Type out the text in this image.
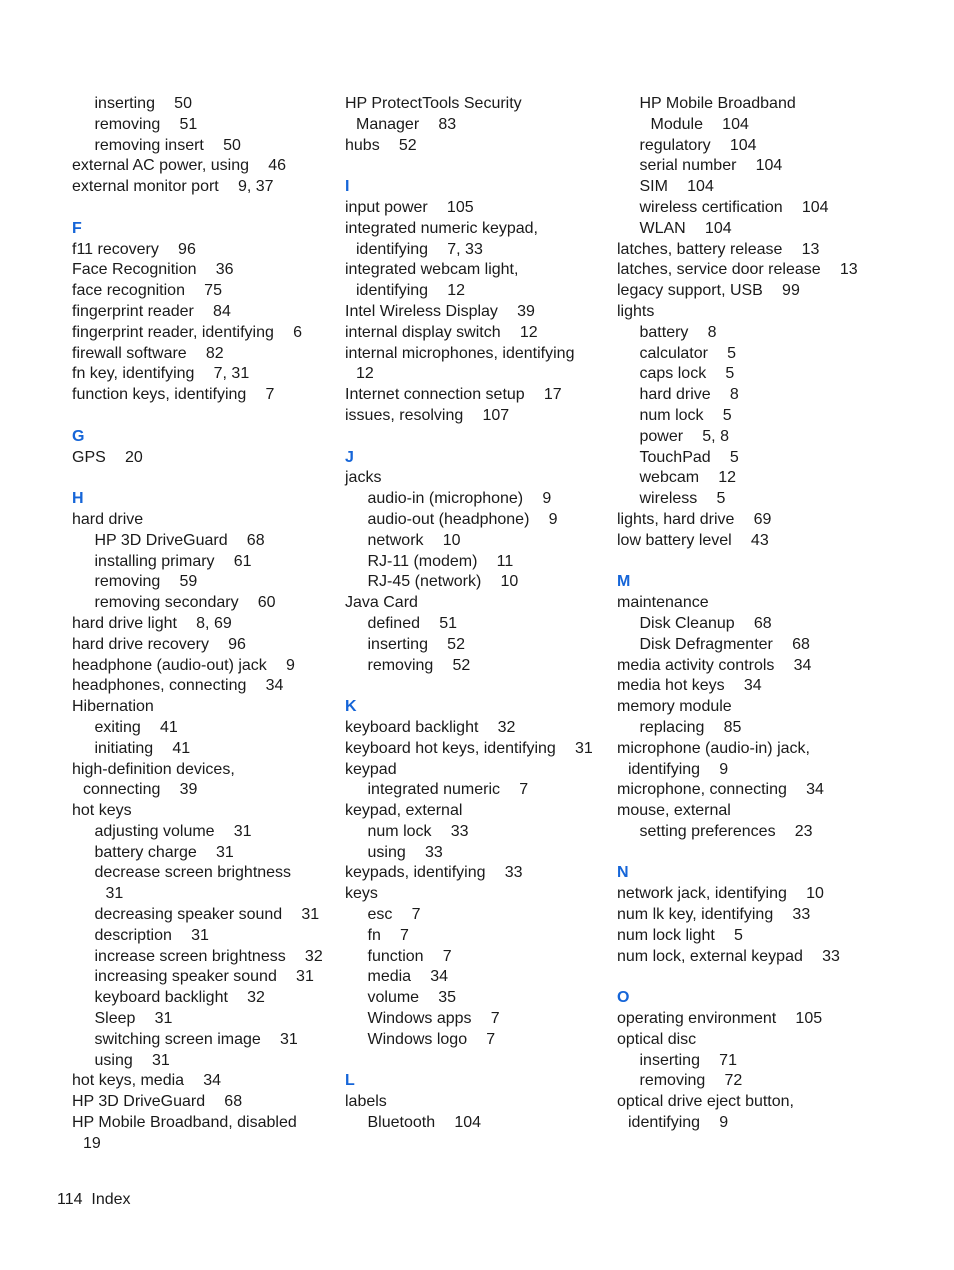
inserting  50
removing  51
removing insert  50
external AC power, using  46
external monitor port  9, 37

F
f11 recovery  96
Face Recognition  36
face recognition  75
fingerprint reader  84
fingerprint reader, identifying  6
firewall software  82
fn key, identifying  7, 31
function keys, identifying  7

G
GPS  20

H
hard drive
HP 3D DriveGuard  68
installing primary  61
removing  59
removing secondary  60
hard drive light  8, 69
hard drive recovery  96
headphone (audio-out) jack  9
headphones, connecting  34
Hibernation
exiting  41
initiating  41
high-definition devices,
connecting  39
hot keys
adjusting volume  31
battery charge  31
decrease screen brightness
31
decreasing speaker sound  31
description  31
increase screen brightness  32
increasing speaker sound  31
keyboard backlight  32
Sleep  31
switching screen image  31
using  31
hot keys, media  34
HP 3D DriveGuard  68
HP Mobile Broadband, disabled
19
HP ProtectTools Security
Manager  83
hubs  52

I
input power  105
integrated numeric keypad,
identifying  7, 33
integrated webcam light,
identifying  12
Intel Wireless Display  39
internal display switch  12
internal microphones, identifying
12
Internet connection setup  17
issues, resolving  107

J
jacks
audio-in (microphone)  9
audio-out (headphone)  9
network  10
RJ-11 (modem)  11
RJ-45 (network)  10
Java Card
defined  51
inserting  52
removing  52

K
keyboard backlight  32
keyboard hot keys, identifying  31
keypad
integrated numeric  7
keypad, external
num lock  33
using  33
keypads, identifying  33
keys
esc  7
fn  7
function  7
media  34
volume  35
Windows apps  7
Windows logo  7

L
labels
Bluetooth  104
HP Mobile Broadband
Module  104
regulatory  104
serial number  104
SIM  104
wireless certification  104
WLAN  104
latches, battery release  13
latches, service door release  13
legacy support, USB  99
lights
battery  8
calculator  5
caps lock  5
hard drive  8
num lock  5
power  5, 8
TouchPad  5
webcam  12
wireless  5
lights, hard drive  69
low battery level  43

M
maintenance
Disk Cleanup  68
Disk Defragmenter  68
media activity controls  34
media hot keys  34
memory module
replacing  85
microphone (audio-in) jack,
identifying  9
microphone, connecting  34
mouse, external
setting preferences  23

N
network jack, identifying  10
num lk key, identifying  33
num lock light  5
num lock, external keypad  33

O
operating environment  105
optical disc
inserting  71
removing  72
optical drive eject button,
identifying  9
114 Index
